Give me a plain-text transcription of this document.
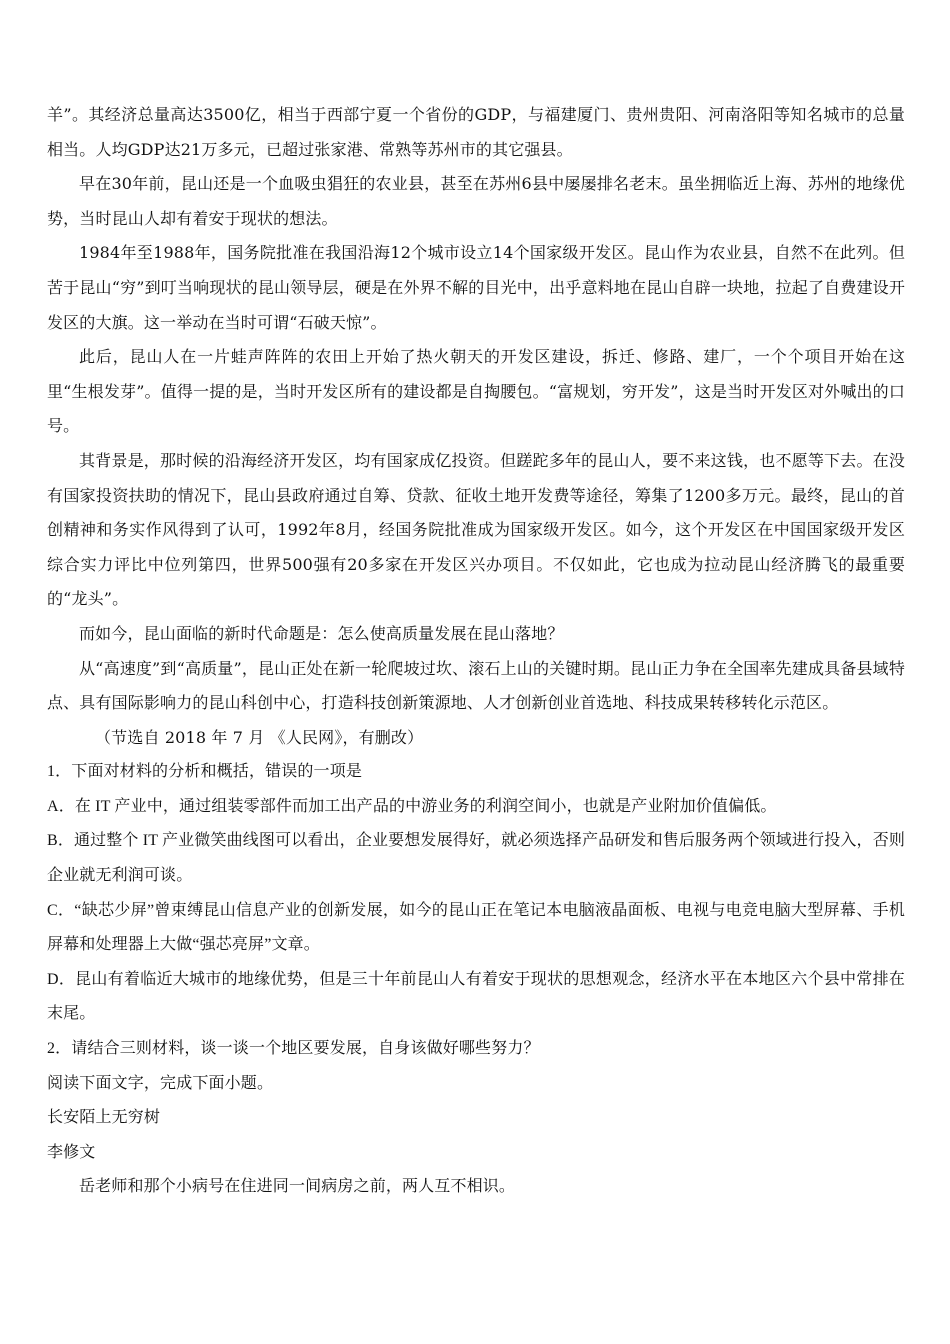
羊”。其经济总量高达3500亿，相当于西部宁夏一个省份的GDP，与福建厦门、贵州贵阳、河南洛阳等知名城市的总量相当。人均GDP达21万多元，已超过张家港、常熟等苏州市的其它强县。

早在30年前，昆山还是一个血吸虫猖狂的农业县，甚至在苏州6县中屡屡排名老末。虽坐拥临近上海、苏州的地缘优势，当时昆山人却有着安于现状的想法。

1984年至1988年，国务院批准在我国沿海12个城市设立14个国家级开发区。昆山作为农业县，自然不在此列。但苦于昆山“穷”到叮当响现状的昆山领导层，硬是在外界不解的目光中，出乎意料地在昆山自辟一块地，拉起了自费建设开发区的大旗。这一举动在当时可谓“石破天惊”。

此后，昆山人在一片蛙声阵阵的农田上开始了热火朝天的开发区建设，拆迁、修路、建厂，一个个项目开始在这里“生根发芽”。值得一提的是，当时开发区所有的建设都是自掏腰包。“富规划，穷开发”，这是当时开发区对外喊出的口号。

其背景是，那时候的沿海经济开发区，均有国家成亿投资。但蹉跎多年的昆山人，要不来这钱，也不愿等下去。在没有国家投资扶助的情况下，昆山县政府通过自筹、贷款、征收土地开发费等途径，筹集了1200多万元。最终，昆山的首创精神和务实作风得到了认可，1992年8月，经国务院批准成为国家级开发区。如今，这个开发区在中国国家级开发区综合实力评比中位列第四，世界500强有20多家在开发区兴办项目。不仅如此，它也成为拉动昆山经济腾飞的最重要的“龙头”。

而如今，昆山面临的新时代命题是：怎么使高质量发展在昆山落地？

从“高速度”到“高质量”，昆山正处在新一轮爬坡过坎、滚石上山的关键时期。昆山正力争在全国率先建成具备县域特点、具有国际影响力的昆山科创中心，打造科技创新策源地、人才创新创业首选地、科技成果转移转化示范区。

（节选自 2018 年 7 月 《人民网》，有删改）

1．下面对材料的分析和概括，错误的一项是

A．在 IT 产业中，通过组装零部件而加工出产品的中游业务的利润空间小，也就是产业附加价值偏低。

B．通过整个 IT 产业微笑曲线图可以看出，企业要想发展得好，就必须选择产品研发和售后服务两个领域进行投入，否则企业就无利润可谈。

C．“缺芯少屏”曾束缚昆山信息产业的创新发展，如今的昆山正在笔记本电脑液晶面板、电视与电竞电脑大型屏幕、手机屏幕和处理器上大做“强芯亮屏”文章。

D．昆山有着临近大城市的地缘优势，但是三十年前昆山人有着安于现状的思想观念，经济水平在本地区六个县中常排在末尾。

2．请结合三则材料，谈一谈一个地区要发展，自身该做好哪些努力？

阅读下面文字，完成下面小题。

长安陌上无穷树

李修文

岳老师和那个小病号在住进同一间病房之前，两人互不相识。
